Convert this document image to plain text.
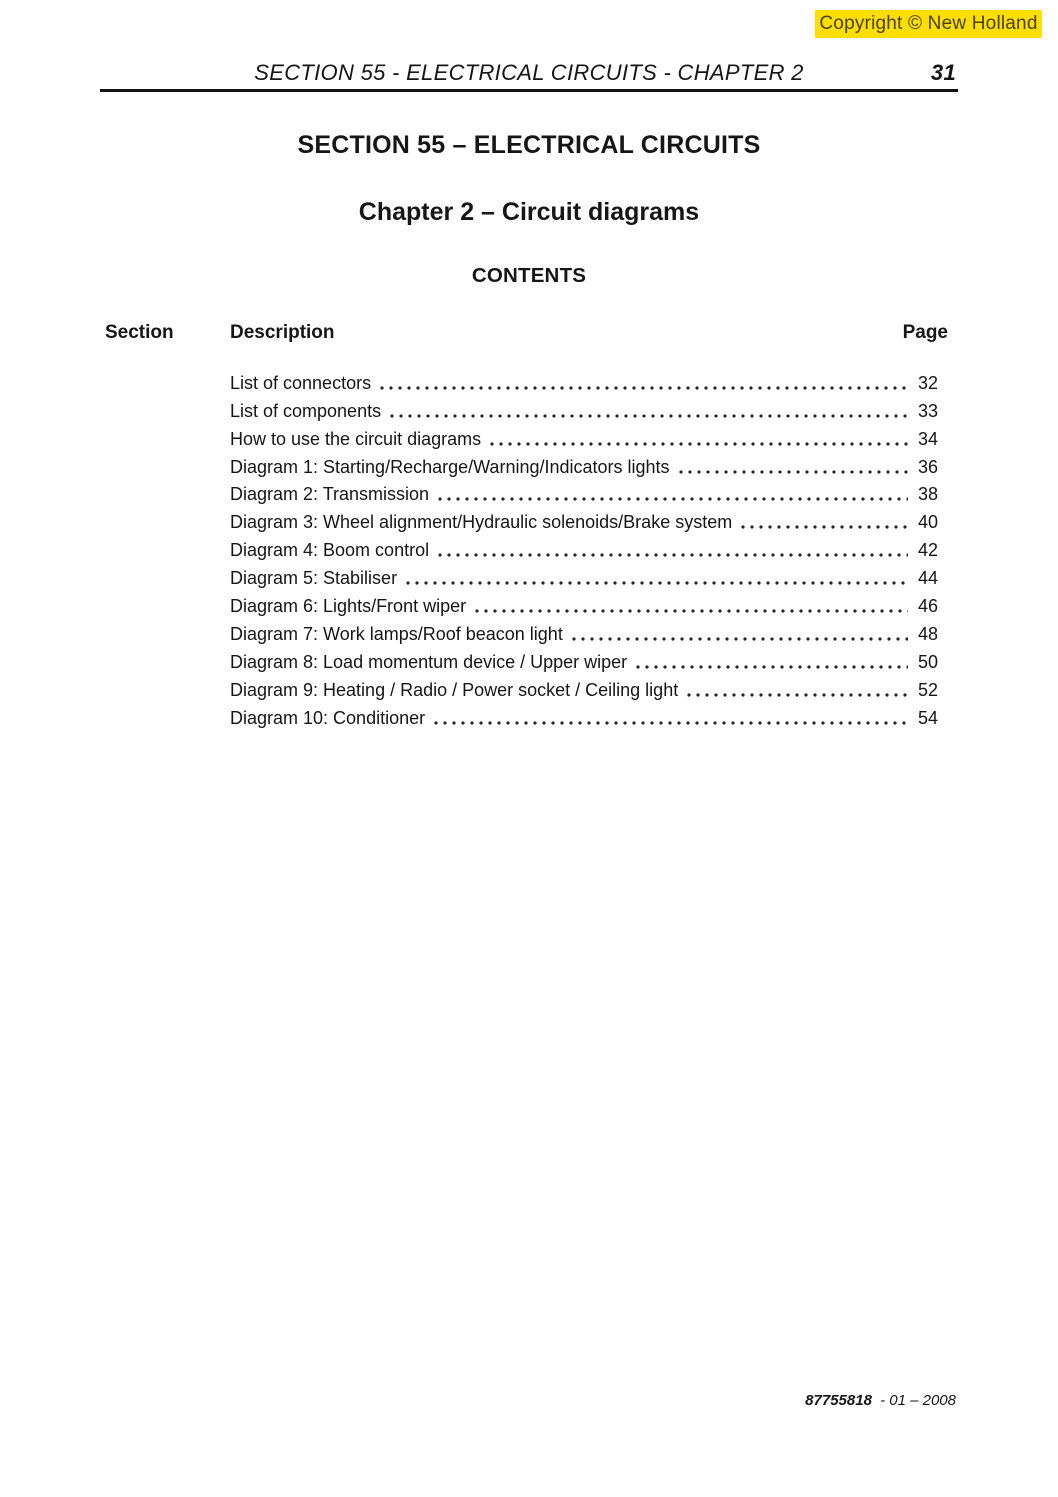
Copyright © New Holland
SECTION 55 - ELECTRICAL CIRCUITS - CHAPTER 2	31
SECTION 55 – ELECTRICAL CIRCUITS
Chapter 2 – Circuit diagrams
CONTENTS
Section	Description	Page
List of connectors	32
List of components	33
How to use the circuit diagrams	34
Diagram 1: Starting/Recharge/Warning/Indicators lights	36
Diagram 2: Transmission	38
Diagram 3: Wheel alignment/Hydraulic solenoids/Brake system	40
Diagram 4: Boom control	42
Diagram 5: Stabiliser	44
Diagram 6: Lights/Front wiper	46
Diagram 7: Work lamps/Roof beacon light	48
Diagram 8: Load momentum device / Upper wiper	50
Diagram 9: Heating / Radio / Power socket / Ceiling light	52
Diagram 10: Conditioner	54
87755818 - 01 – 2008
